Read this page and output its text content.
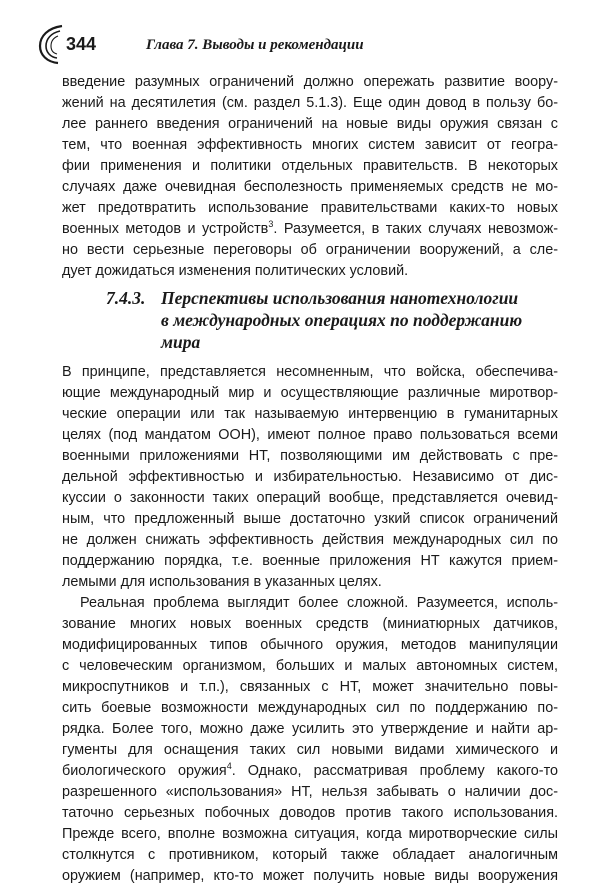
344	Глава 7. Выводы и рекомендации
введение разумных ограничений должно опережать развитие воору-
жений на десятилетия (см. раздел 5.1.3). Еще один довод в пользу бо-
лее раннего введения ограничений на новые виды оружия связан с
тем, что военная эффективность многих систем зависит от геогра-
фии применения и политики отдельных правительств. В некоторых
случаях даже очевидная бесполезность применяемых средств не мо-
жет предотвратить использование правительствами каких-то новых
военных методов и устройств$^3$. Разумеется, в таких случаях невозмож-
но вести серьезные переговоры об ограничении вооружений, а сле-
дует дожидаться изменения политических условий.
7.4.3. Перспективы использования нанотехнологии
в международных операциях по поддержанию
мира
В принципе, представляется несомненным, что войска, обеспечива-
ющие международный мир и осуществляющие различные миротвор-
ческие операции или так называемую интервенцию в гуманитарных
целях (под мандатом ООН), имеют полное право пользоваться всеми
военными приложениями НТ, позволяющими им действовать с пре-
дельной эффективностью и избирательностью. Независимо от дис-
куссии о законности таких операций вообще, представляется очевид-
ным, что предложенный выше достаточно узкий список ограничений
не должен снижать эффективность действия международных сил по
поддержанию порядка, т.е. военные приложения НТ кажутся прием-
лемыми для использования в указанных целях.
Реальная проблема выглядит более сложной. Разумеется, исполь-
зование многих новых военных средств (миниатюрных датчиков,
модифицированных типов обычного оружия, методов манипуляции
с человеческим организмом, больших и малых автономных систем,
микроспутников и т.п.), связанных с НТ, может значительно повы-
сить боевые возможности международных сил по поддержанию по-
рядка. Более того, можно даже усилить это утверждение и найти ар-
гументы для оснащения таких сил новыми видами химического и
биологического оружия$^4$. Однако, рассматривая проблему какого-то
разрешенного «использования» НТ, нельзя забывать о наличии дос-
таточно серьезных побочных доводов против такого использования.
Прежде всего, вполне возможна ситуация, когда миротворческие силы
столкнутся с противником, который также обладает аналогичным
оружием (например, кто-то может получить новые виды вооружения
